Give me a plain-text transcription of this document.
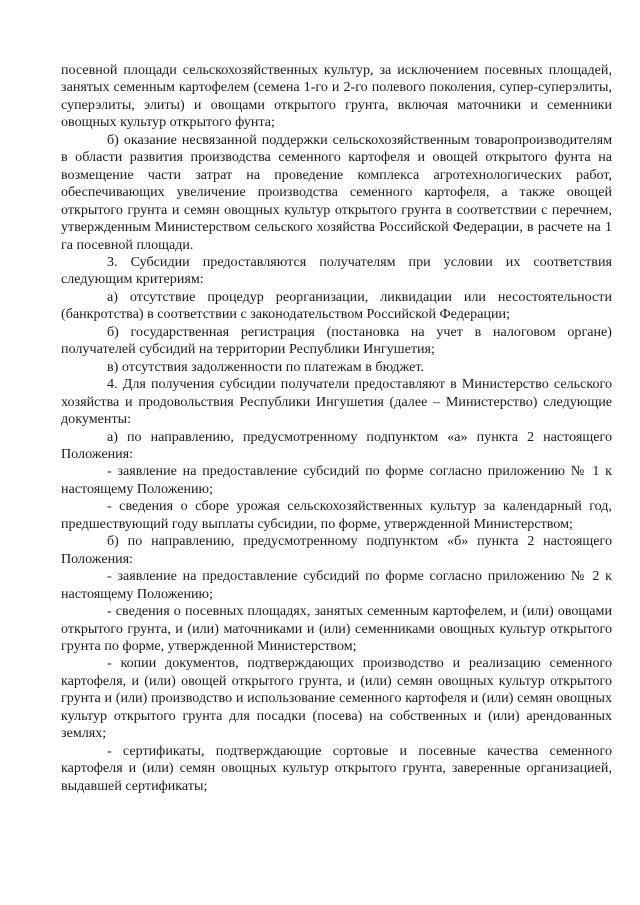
посевной площади сельскохозяйственных культур, за исключением посевных площадей, занятых семенным картофелем (семена 1-го и 2-го полевого поколения, супер-суперэлиты, суперэлиты, элиты) и овощами открытого грунта, включая маточники и семенники овощных культур открытого фунта;

б) оказание несвязанной поддержки сельскохозяйственным товаропроизводителям в области развития производства семенного картофеля и овощей открытого фунта на возмещение части затрат на проведение комплекса агротехнологических работ, обеспечивающих увеличение производства семенного картофеля, а также овощей открытого грунта и семян овощных культур открытого грунта в соответствии с перечнем, утвержденным Министерством сельского хозяйства Российской Федерации, в расчете на 1 га посевной площади.

3. Субсидии предоставляются получателям при условии их соответствия следующим критериям:

а) отсутствие процедур реорганизации, ликвидации или несостоятельности (банкротства) в соответствии с законодательством Российской Федерации;

б) государственная регистрация (постановка на учет в налоговом органе) получателей субсидий на территории Республики Ингушетия;

в) отсутствия задолженности по платежам в бюджет.

4. Для получения субсидии получатели предоставляют в Министерство сельского хозяйства и продовольствия Республики Ингушетия (далее – Министерство) следующие документы:

а) по направлению, предусмотренному подпунктом «а» пункта 2 настоящего Положения:

- заявление на предоставление субсидий по форме согласно приложению № 1 к настоящему Положению;

- сведения о сборе урожая сельскохозяйственных культур за календарный год, предшествующий году выплаты субсидии, по форме, утвержденной Министерством;

б) по направлению, предусмотренному подпунктом «б» пункта 2 настоящего Положения:

- заявление на предоставление субсидий по форме согласно приложению № 2 к настоящему Положению;

- сведения о посевных площадях, занятых семенным картофелем, и (или) овощами открытого грунта, и (или) маточниками и (или) семенниками овощных культур открытого грунта по форме, утвержденной Министерством;

- копии документов, подтверждающих производство и реализацию семенного картофеля, и (или) овощей открытого грунта, и (или) семян овощных культур открытого грунта и (или) производство и использование семенного картофеля и (или) семян овощных культур открытого грунта для посадки (посева) на собственных и (или) арендованных землях;

- сертификаты, подтверждающие сортовые и посевные качества семенного картофеля и (или) семян овощных культур открытого грунта, заверенные организацией, выдавшей сертификаты;
